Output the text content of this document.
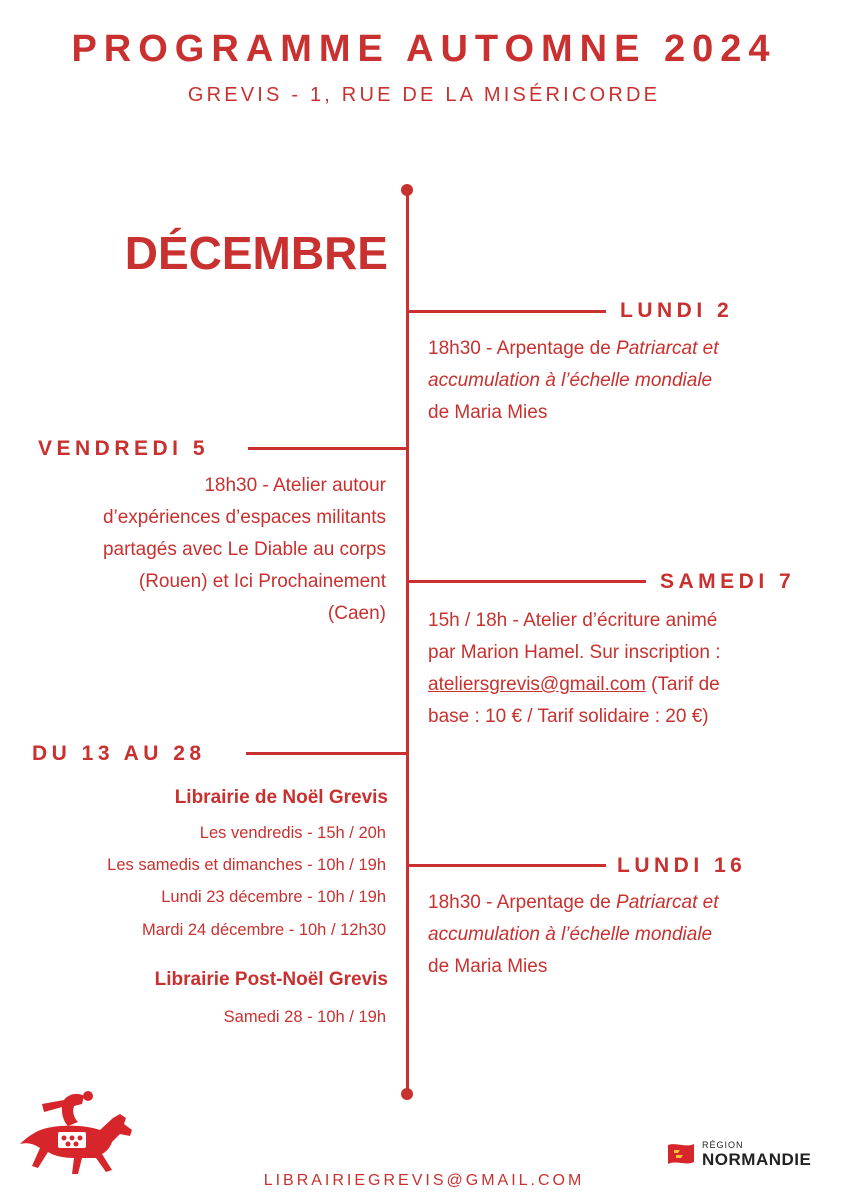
PROGRAMME AUTOMNE 2024
GREVIS - 1, RUE DE LA MISÉRICORDE
DÉCEMBRE
LUNDI 2
18h30 - Arpentage de Patriarcat et
accumulation à l’échelle mondiale
de Maria Mies
VENDREDI 5
18h30 - Atelier autour
d’expériences d’espaces militants
partagés avec Le Diable au corps
(Rouen) et Ici Prochainement
(Caen)
SAMEDI 7
15h / 18h - Atelier d’écriture animé
par Marion Hamel. Sur inscription :
ateliersgrevis@gmail.com (Tarif de
base : 10 € / Tarif solidaire : 20 €)
DU 13 AU 28
Librairie de Noël Grevis
Les vendredis - 15h / 20h
Les samedis et dimanches - 10h / 19h
Lundi 23 décembre - 10h / 19h
Mardi 24 décembre - 10h / 12h30
Librairie Post-Noël Grevis
Samedi 28 - 10h / 19h
LUNDI 16
18h30 - Arpentage de Patriarcat et
accumulation à l’échelle mondiale
de Maria Mies
LIBRAIRIEGREVIS@GMAIL.COM
RÉGION
NORMANDIE
